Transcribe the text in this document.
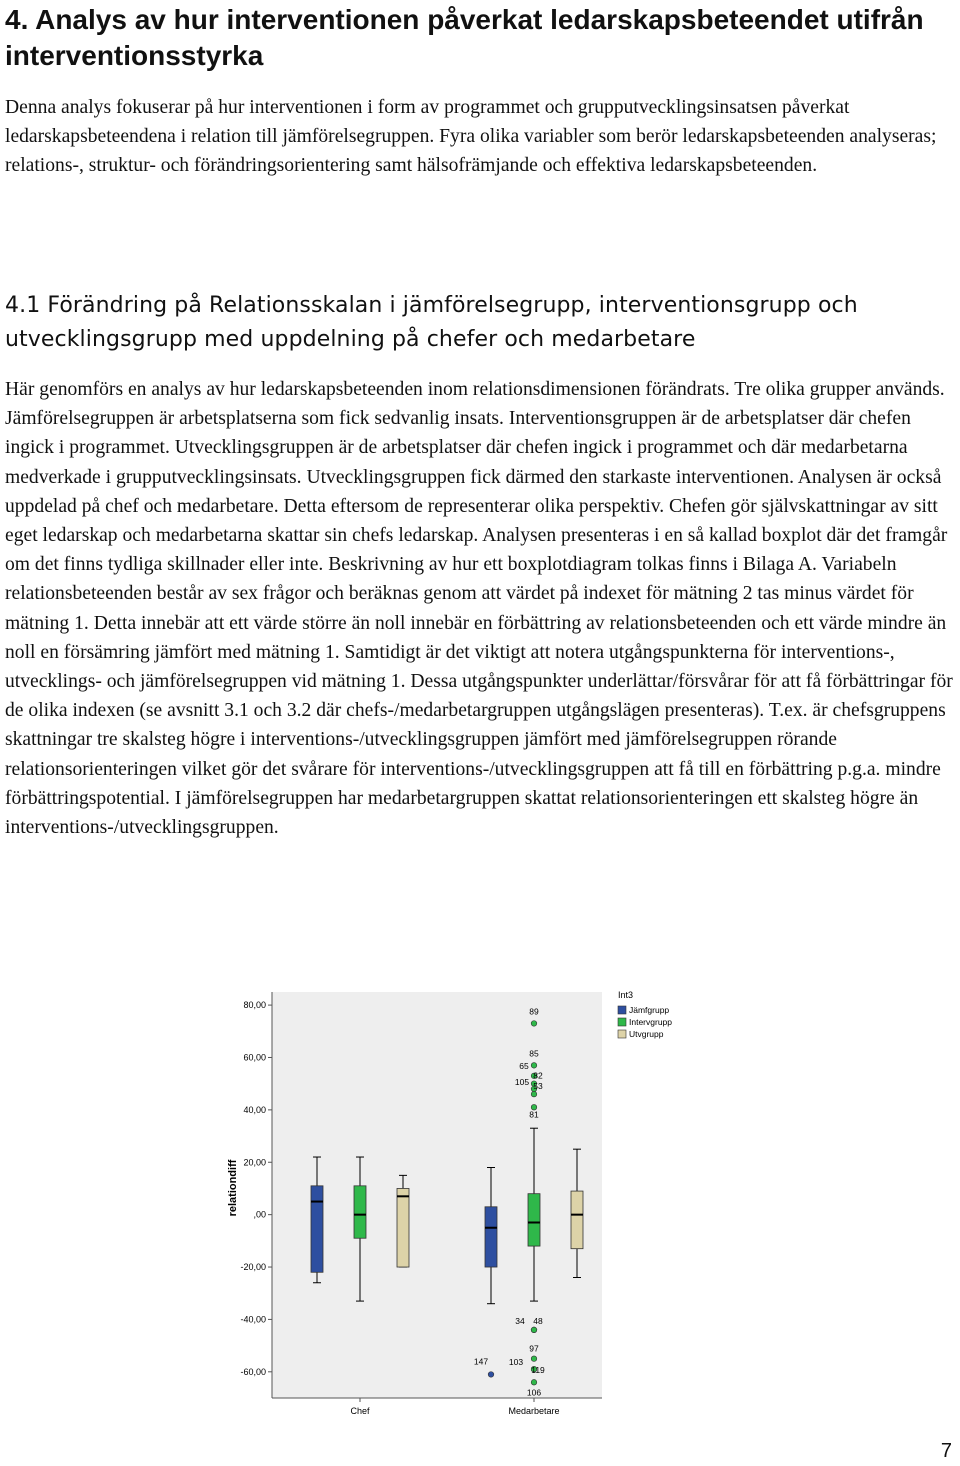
4. Analys av hur interventionen påverkat ledarskapsbeteendet utifrån interventionsstyrka

Denna analys fokuserar på hur interventionen i form av programmet och grupputvecklingsinsatsen påverkat ledarskapsbeteendena i relation till jämförelsegruppen. Fyra olika variabler som berör ledarskapsbeteenden analyseras; relations-, struktur- och förändringsorientering samt hälsofrämjande och effektiva ledarskapsbeteenden.

4.1 Förändring på Relationsskalan i jämförelsegrupp, interventionsgrupp och utvecklingsgrupp med uppdelning på chefer och medarbetare

Här genomförs en analys av hur ledarskapsbeteenden inom relationsdimensionen förändrats. Tre olika grupper används. Jämförelsegruppen är arbetsplatserna som fick sedvanlig insats. Interventionsgruppen är de arbetsplatser där chefen ingick i programmet. Utvecklingsgruppen är de arbetsplatser där chefen ingick i programmet och där medarbetarna medverkade i grupputvecklingsinsats. Utvecklingsgruppen fick därmed den starkaste interventionen. Analysen är också uppdelad på chef och medarbetare. Detta eftersom de representerar olika perspektiv. Chefen gör självskattningar av sitt eget ledarskap och medarbetarna skattar sin chefs ledarskap. Analysen presenteras i en så kallad boxplot där det framgår om det finns tydliga skillnader eller inte. Beskrivning av hur ett boxplotdiagram tolkas finns i Bilaga A. Variabeln relationsbeteenden består av sex frågor och beräknas genom att värdet på indexet för mätning 2 tas minus värdet för mätning 1. Detta innebär att ett värde större än noll innebär en förbättring av relationsbeteenden och ett värde mindre än noll en försämring jämfört med mätning 1. Samtidigt är det viktigt att notera utgångspunkterna för interventions-, utvecklings- och jämförelsegruppen vid mätning 1. Dessa utgångspunkter underlättar/försvårar för att få förbättringar för de olika indexen (se avsnitt 3.1 och 3.2 där chefs-/medarbetargruppen utgångslägen presenteras). T.ex. är chefsgruppens skattningar tre skalsteg högre i interventions-/utvecklingsgruppen jämfört med jämförelsegruppen rörande relationsorienteringen vilket gör det svårare för interventions-/utvecklingsgruppen att få till en förbättring p.g.a. mindre förbättringspotential. I jämförelsegruppen har medarbetargruppen skattat relationsorienteringen ett skalsteg högre än interventions-/utvecklingsgruppen.

80,00
60,00
40,00
20,00
,00
-20,00
-40,00
-60,00
Chef	Medarbetare
89
85
65
82
105 53
81
34 48
97
103
119
106
147
relationdiff
Int3
Jämfgrupp
Intervgrupp
Utvgrupp
7
